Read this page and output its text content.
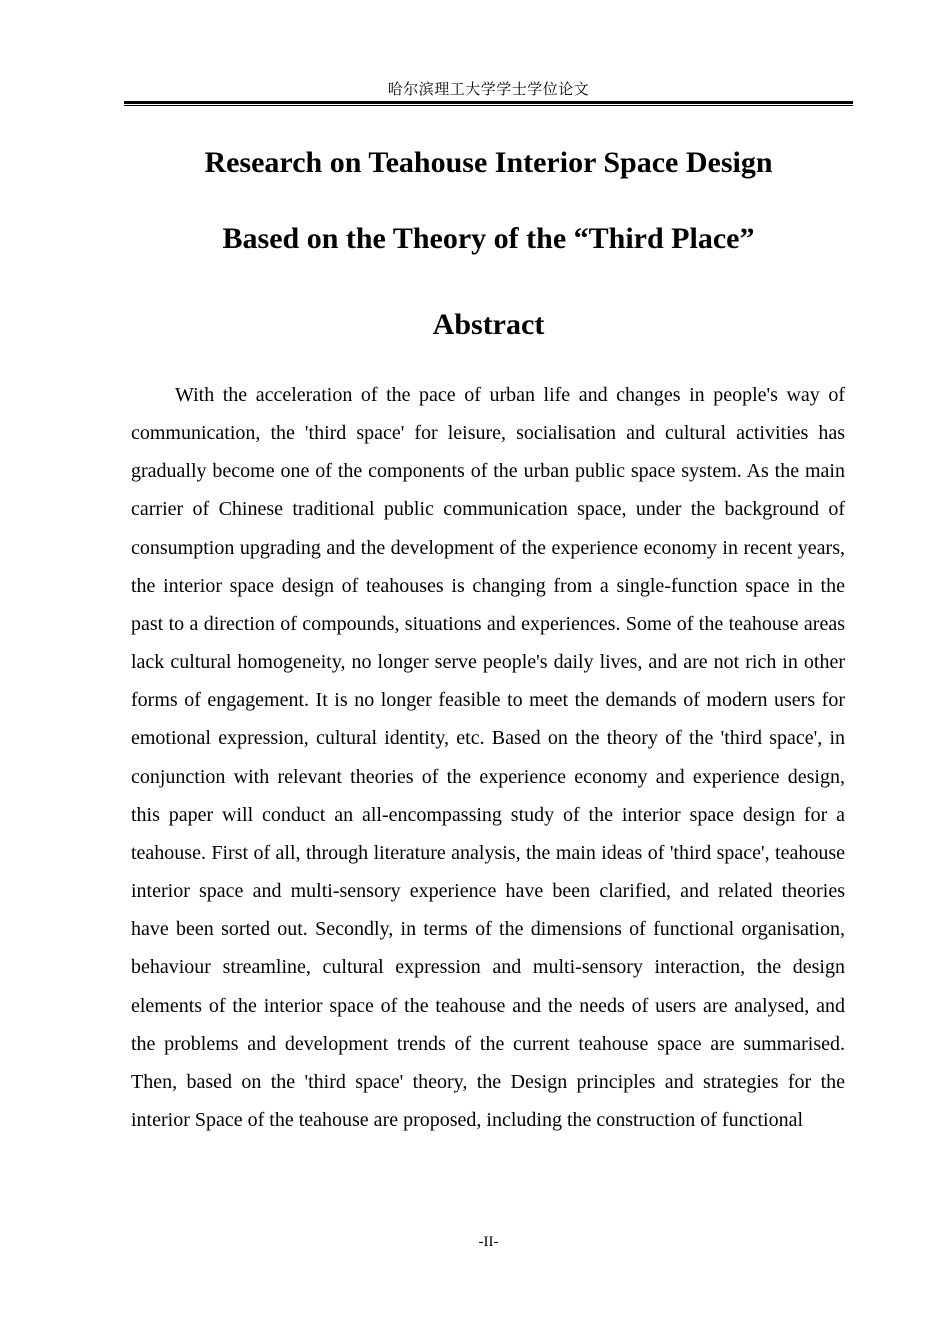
哈尔滨理工大学学士学位论文
Research on Teahouse Interior Space Design
Based on the Theory of the “Third Place”
Abstract

With the acceleration of the pace of urban life and changes in people's way of communication, the 'third space' for leisure, socialisation and cultural activities has gradually become one of the components of the urban public space system. As the main carrier of Chinese traditional public communication space, under the background of consumption upgrading and the development of the experience economy in recent years, the interior space design of teahouses is changing from a single-function space in the past to a direction of compounds, situations and experiences. Some of the teahouse areas lack cultural homogeneity, no longer serve people's daily lives, and are not rich in other forms of engagement. It is no longer feasible to meet the demands of modern users for emotional expression, cultural identity, etc. Based on the theory of the 'third space', in conjunction with relevant theories of the experience economy and experience design, this paper will conduct an all-encompassing study of the interior space design for a teahouse. First of all, through literature analysis, the main ideas of 'third space', teahouse interior space and multi-sensory experience have been clarified, and related theories have been sorted out. Secondly, in terms of the dimensions of functional organisation, behaviour streamline, cultural expression and multi-sensory interaction, the design elements of the interior space of the teahouse and the needs of users are analysed, and the problems and development trends of the current teahouse space are summarised. Then, based on the 'third space' theory, the Design principles and strategies for the interior Space of the teahouse are proposed, including the construction of functional

-II-
